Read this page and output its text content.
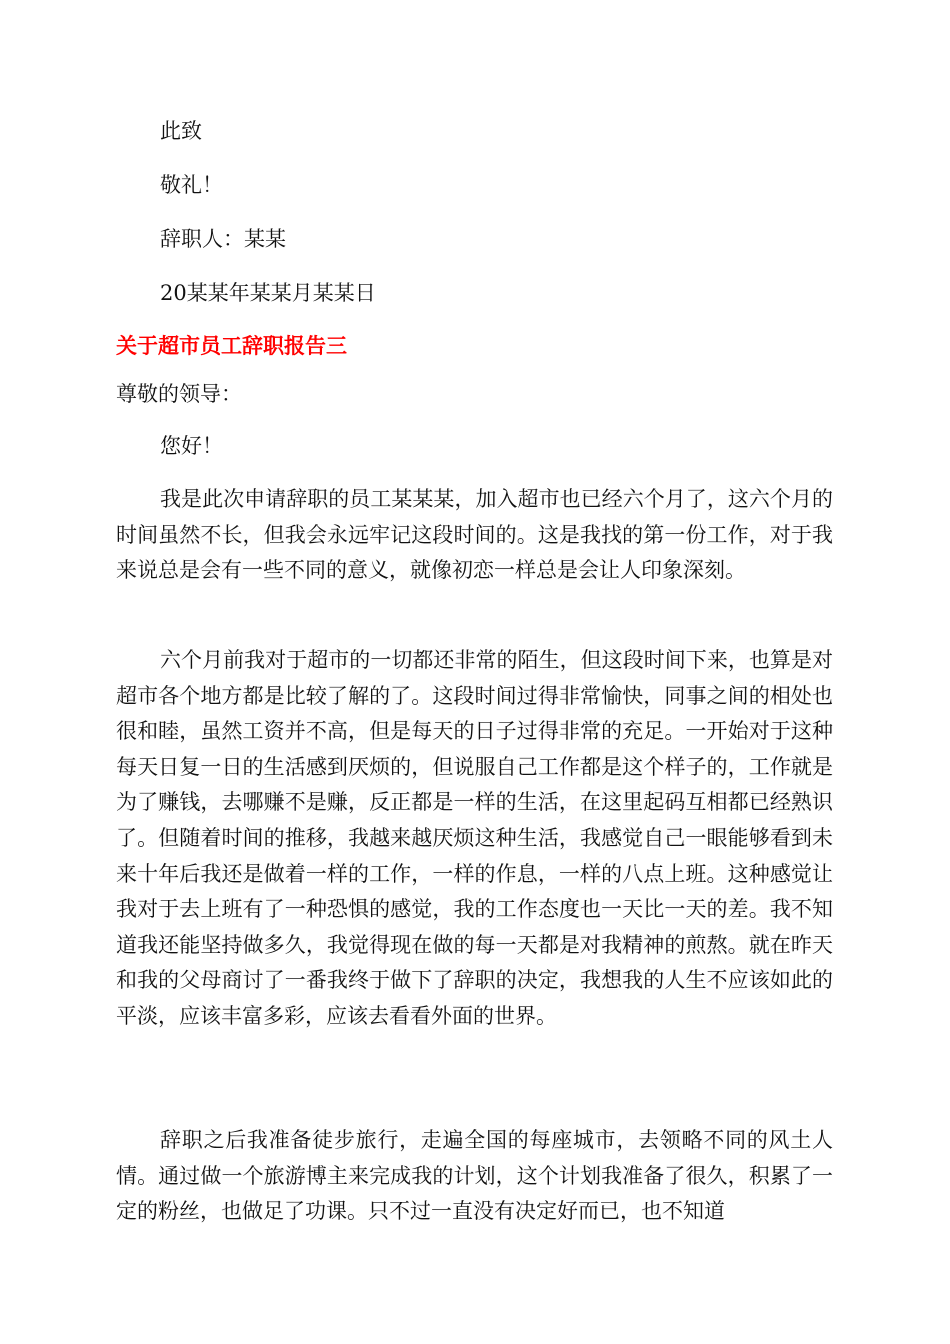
此致
敬礼！
辞职人：某某
20某某年某某月某某日
关于超市员工辞职报告三
尊敬的领导：
您好！
我是此次申请辞职的员工某某某，加入超市也已经六个月了，这六个月的时间虽然不长，但我会永远牢记这段时间的。这是我找的第一份工作，对于我来说总是会有一些不同的意义，就像初恋一样总是会让人印象深刻。
六个月前我对于超市的一切都还非常的陌生，但这段时间下来，也算是对超市各个地方都是比较了解的了。这段时间过得非常愉快，同事之间的相处也很和睦，虽然工资并不高，但是每天的日子过得非常的充足。一开始对于这种每天日复一日的生活感到厌烦的，但说服自己工作都是这个样子的，工作就是为了赚钱，去哪赚不是赚，反正都是一样的生活，在这里起码互相都已经熟识了。但随着时间的推移，我越来越厌烦这种生活，我感觉自己一眼能够看到未来十年后我还是做着一样的工作，一样的作息，一样的八点上班。这种感觉让我对于去上班有了一种恐惧的感觉，我的工作态度也一天比一天的差。我不知道我还能坚持做多久，我觉得现在做的每一天都是对我精神的煎熬。就在昨天和我的父母商讨了一番我终于做下了辞职的决定，我想我的人生不应该如此的平淡，应该丰富多彩，应该去看看外面的世界。
辞职之后我准备徒步旅行，走遍全国的每座城市，去领略不同的风土人情。通过做一个旅游博主来完成我的计划，这个计划我准备了很久，积累了一定的粉丝，也做足了功课。只不过一直没有决定好而已，也不知道
